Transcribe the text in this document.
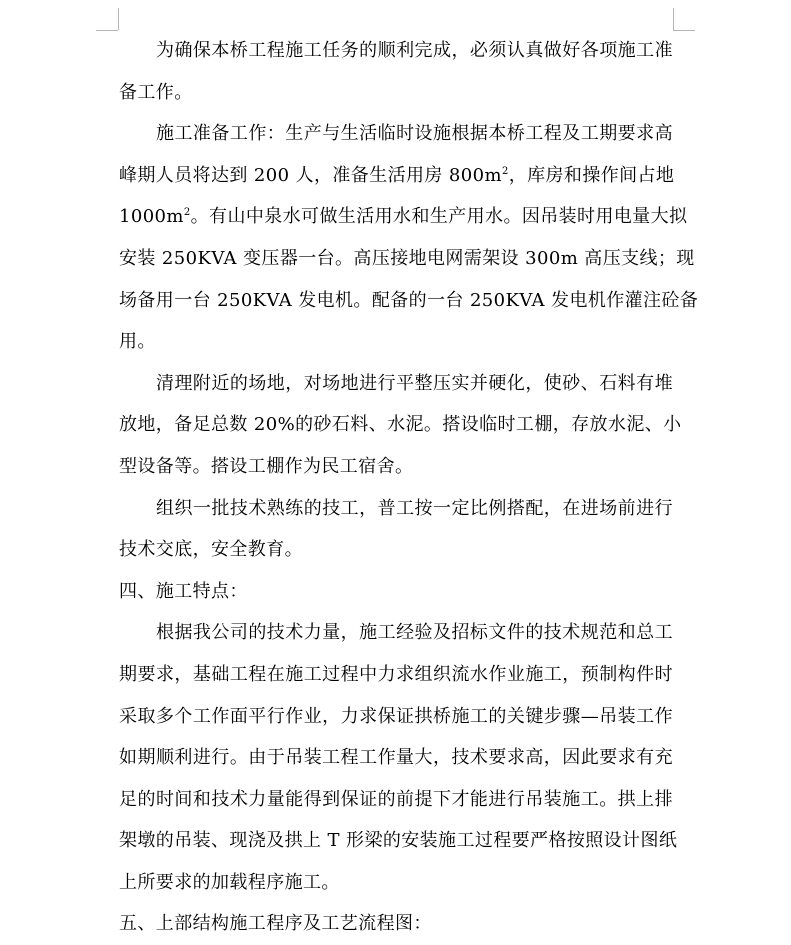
为确保本桥工程施工任务的顺利完成，必须认真做好各项施工准
备工作。
施工准备工作：生产与生活临时设施根据本桥工程及工期要求高
峰期人员将达到 200 人，准备生活用房 $800m^2$，库房和操作间占地
$1000m^2$。有山中泉水可做生活用水和生产用水。因吊装时用电量大拟
安装 250KVA 变压器一台。高压接地电网需架设 300m 高压支线；现
场备用一台 250KVA 发电机。配备的一台 250KVA 发电机作灌注砼备
用。
清理附近的场地，对场地进行平整压实并硬化，使砂、石料有堆
放地，备足总数 20%的砂石料、水泥。搭设临时工棚，存放水泥、小
型设备等。搭设工棚作为民工宿舍。
组织一批技术熟练的技工，普工按一定比例搭配，在进场前进行
技术交底，安全教育。
四、施工特点：
根据我公司的技术力量，施工经验及招标文件的技术规范和总工
期要求，基础工程在施工过程中力求组织流水作业施工，预制构件时
采取多个工作面平行作业，力求保证拱桥施工的关键步骤—吊装工作
如期顺利进行。由于吊装工程工作量大，技术要求高，因此要求有充
足的时间和技术力量能得到保证的前提下才能进行吊装施工。拱上排
架墩的吊装、现浇及拱上 T 形梁的安装施工过程要严格按照设计图纸
上所要求的加载程序施工。
五、上部结构施工程序及工艺流程图：
